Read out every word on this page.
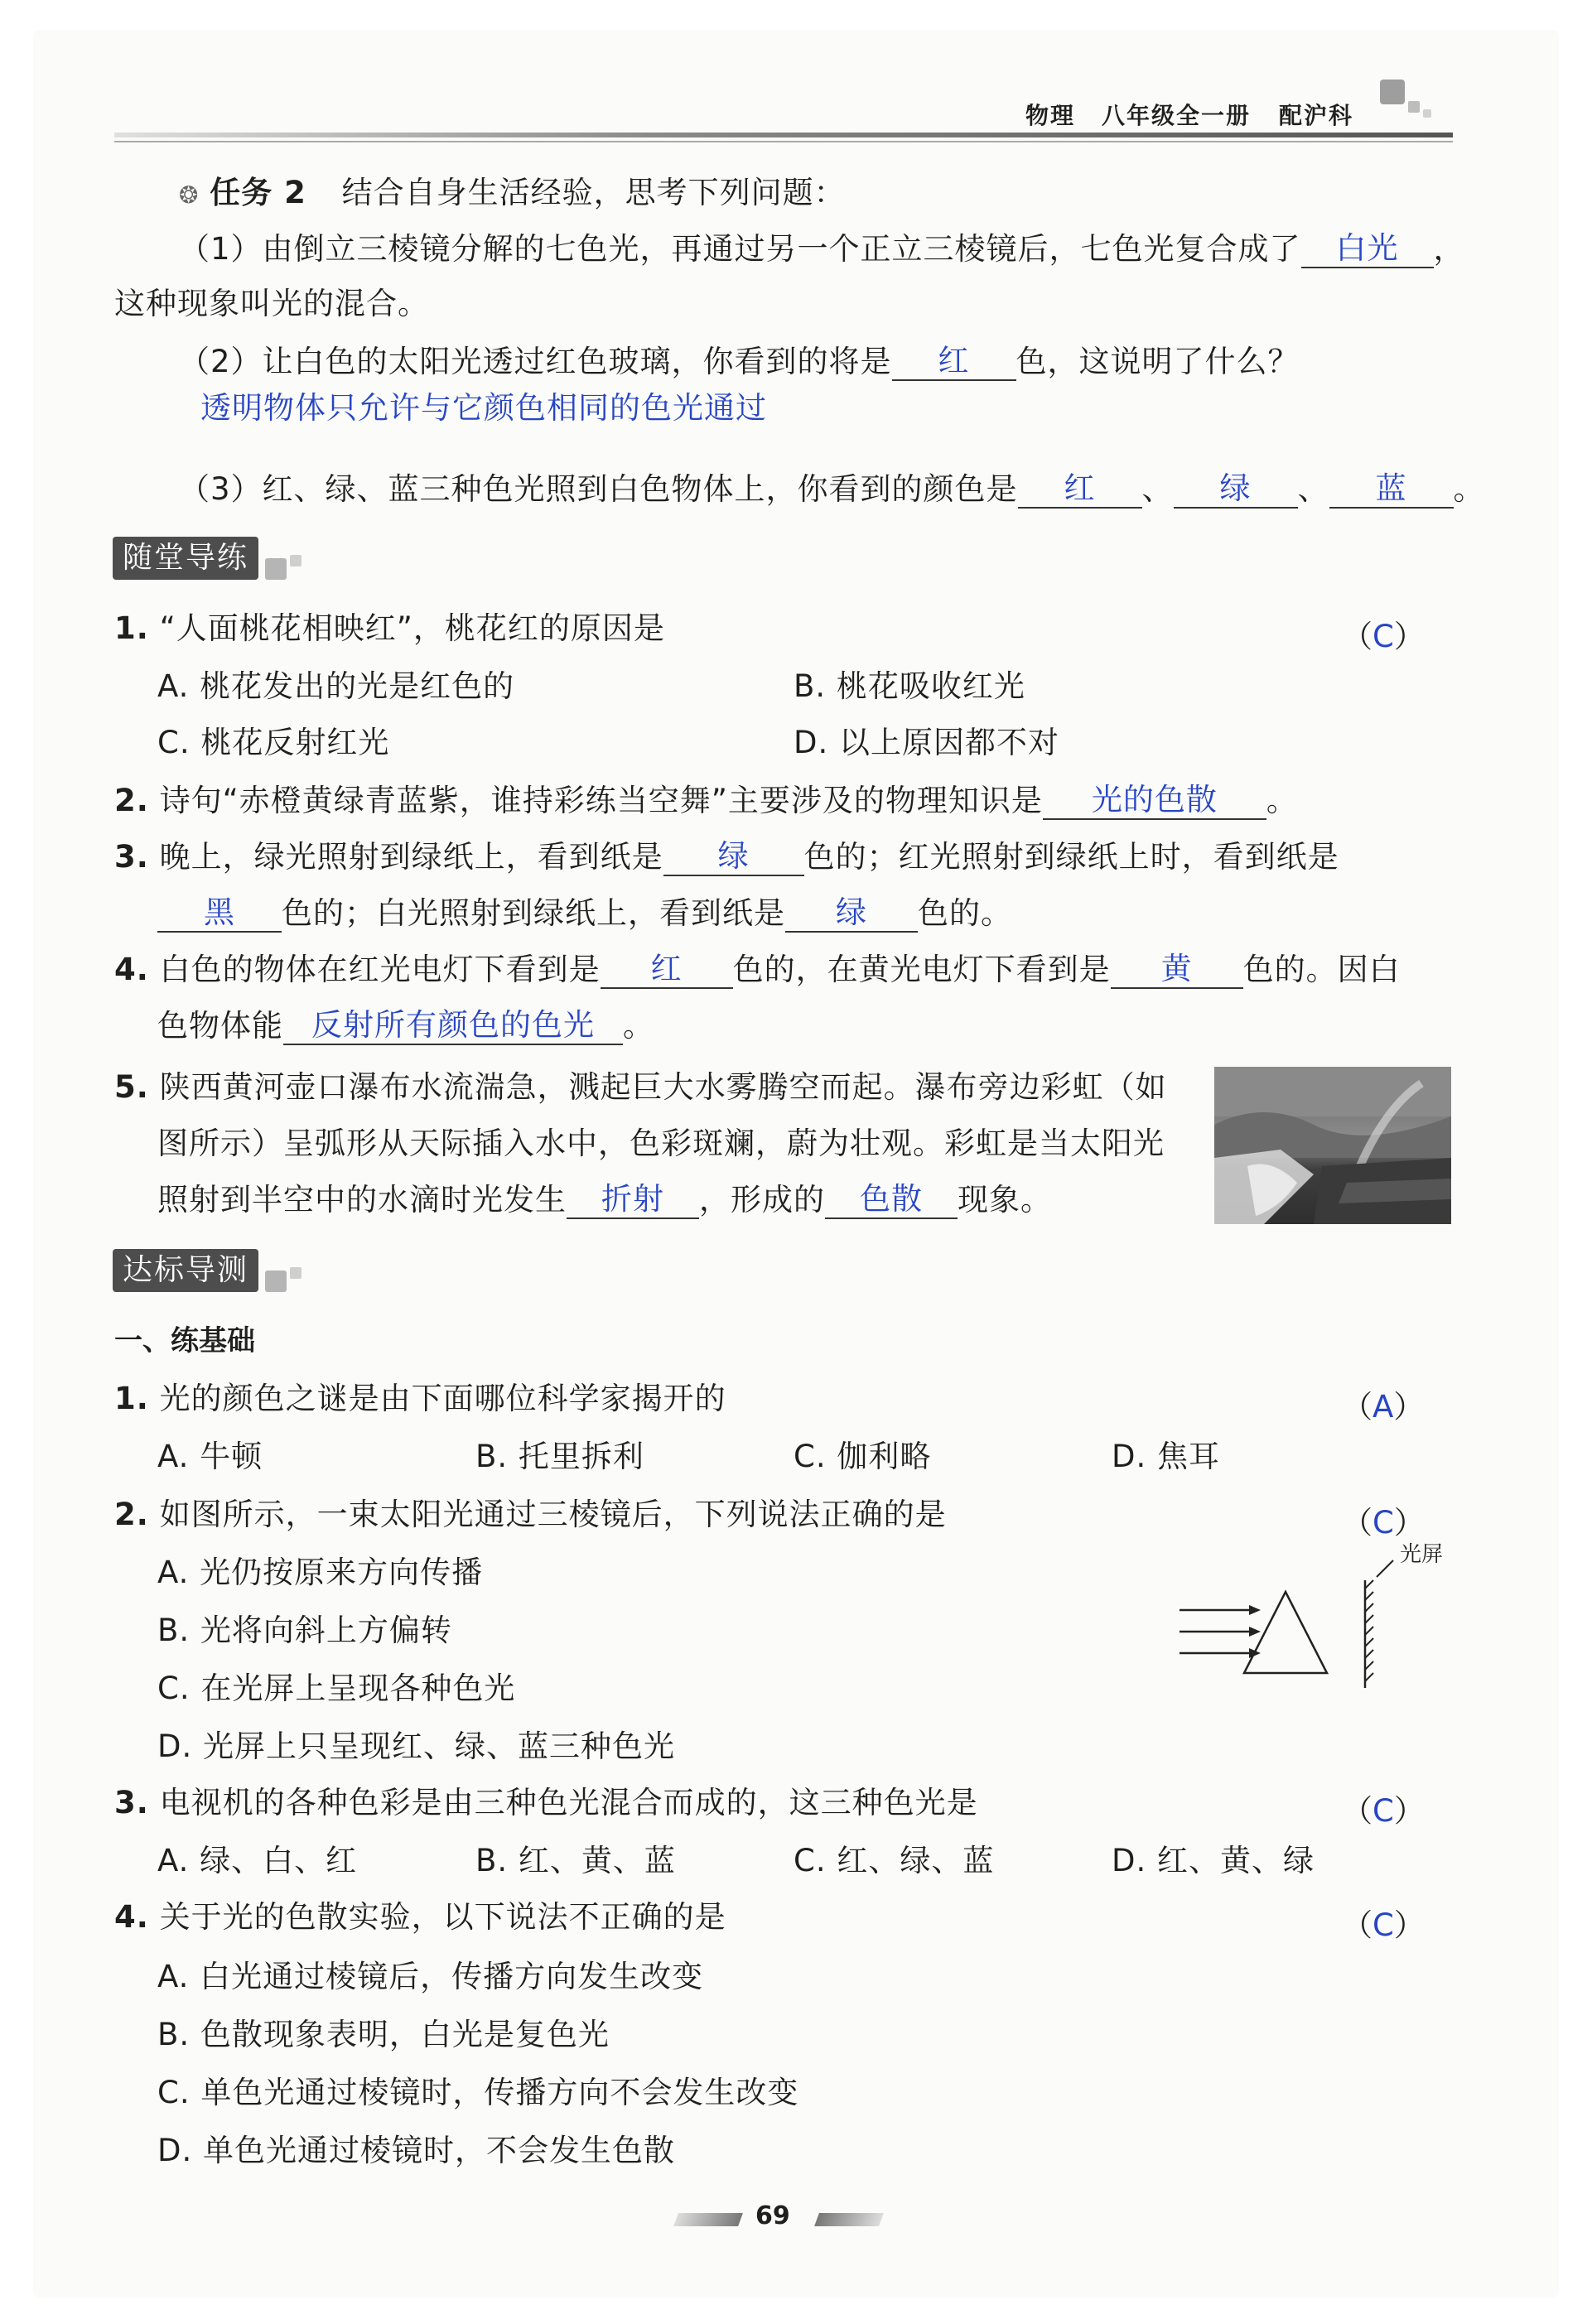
物理 八年级全一册 配沪科
❂ 任务 2 结合自身生活经验，思考下列问题：
（1）由倒立三棱镜分解的七色光，再通过另一个正立三棱镜后，七色光复合成了 白光 ，
这种现象叫光的混合。
（2）让白色的太阳光透过红色玻璃，你看到的将是 红 色，这说明了什么？
透明物体只允许与它颜色相同的色光通过
（3）红、绿、蓝三种色光照到白色物体上，你看到的颜色是 红 、 绿 、 蓝 。
随堂导练
1. “人面桃花相映红”，桃花红的原因是	（C）
A. 桃花发出的光是红色的	B. 桃花吸收红光
C. 桃花反射红光	D. 以上原因都不对
2. 诗句“赤橙黄绿青蓝紫，谁持彩练当空舞”主要涉及的物理知识是 光的色散 。
3. 晚上，绿光照射到绿纸上，看到纸是 绿 色的；红光照射到绿纸上时，看到纸是
黑 色的；白光照射到绿纸上，看到纸是 绿 色的。
4. 白色的物体在红光电灯下看到是 红 色的，在黄光电灯下看到是 黄 色的。因白
色物体能 反射所有颜色的色光 。
5. 陕西黄河壶口瀑布水流湍急，溅起巨大水雾腾空而起。瀑布旁边彩虹（如
图所示）呈弧形从天际插入水中，色彩斑斓，蔚为壮观。彩虹是当太阳光
照射到半空中的水滴时光发生 折射 ，形成的 色散 现象。
达标导测
一、练基础
1. 光的颜色之谜是由下面哪位科学家揭开的	（A）
A. 牛顿	B. 托里拆利	C. 伽利略	D. 焦耳
2. 如图所示，一束太阳光通过三棱镜后，下列说法正确的是	（C）
A. 光仍按原来方向传播
B. 光将向斜上方偏转
C. 在光屏上呈现各种色光
D. 光屏上只呈现红、绿、蓝三种色光
光屏
3. 电视机的各种色彩是由三种色光混合而成的，这三种色光是	（C）
A. 绿、白、红	B. 红、黄、蓝	C. 红、绿、蓝	D. 红、黄、绿
4. 关于光的色散实验，以下说法不正确的是	（C）
A. 白光通过棱镜后，传播方向发生改变
B. 色散现象表明，白光是复色光
C. 单色光通过棱镜时，传播方向不会发生改变
D. 单色光通过棱镜时，不会发生色散
69
